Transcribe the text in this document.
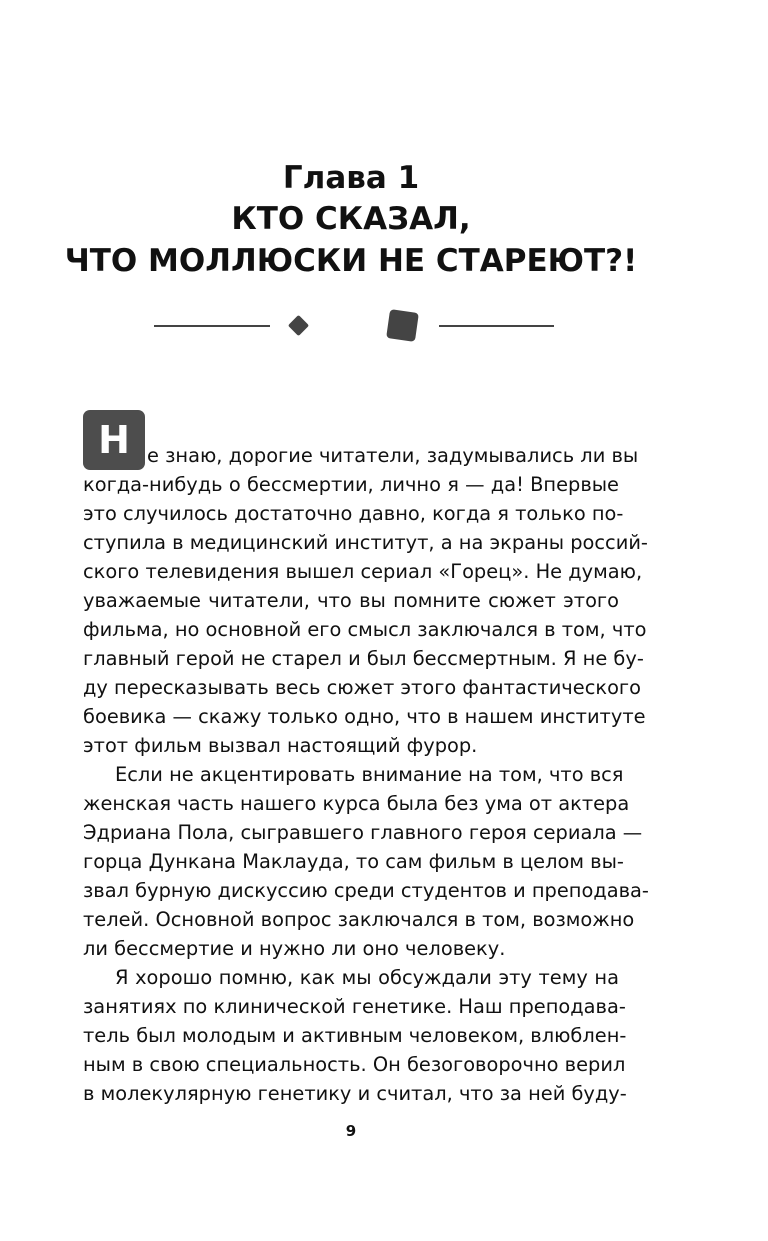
Глава 1
КТО СКАЗАЛ,
ЧТО МОЛЛЮСКИ НЕ СТАРЕЮТ?!
Н е знаю, дорогие читатели, задумывались ли вы
когда-нибудь о бессмертии, лично я — да! Впервые
это случилось достаточно давно, когда я только по-
ступила в медицинский институт, а на экраны россий-
ского телевидения вышел сериал «Горец». Не думаю,
уважаемые читатели, что вы помните сюжет этого
фильма, но основной его смысл заключался в том, что
главный герой не старел и был бессмертным. Я не бу-
ду пересказывать весь сюжет этого фантастического
боевика — скажу только одно, что в нашем институте
этот фильм вызвал настоящий фурор.
Если не акцентировать внимание на том, что вся
женская часть нашего курса была без ума от актера
Эдриана Пола, сыгравшего главного героя сериала —
горца Дункана Маклауда, то сам фильм в целом вы-
звал бурную дискуссию среди студентов и преподава-
телей. Основной вопрос заключался в том, возможно
ли бессмертие и нужно ли оно человеку.
Я хорошо помню, как мы обсуждали эту тему на
занятиях по клинической генетике. Наш преподава-
тель был молодым и активным человеком, влюблен-
ным в свою специальность. Он безоговорочно верил
в молекулярную генетику и считал, что за ней буду-
9
